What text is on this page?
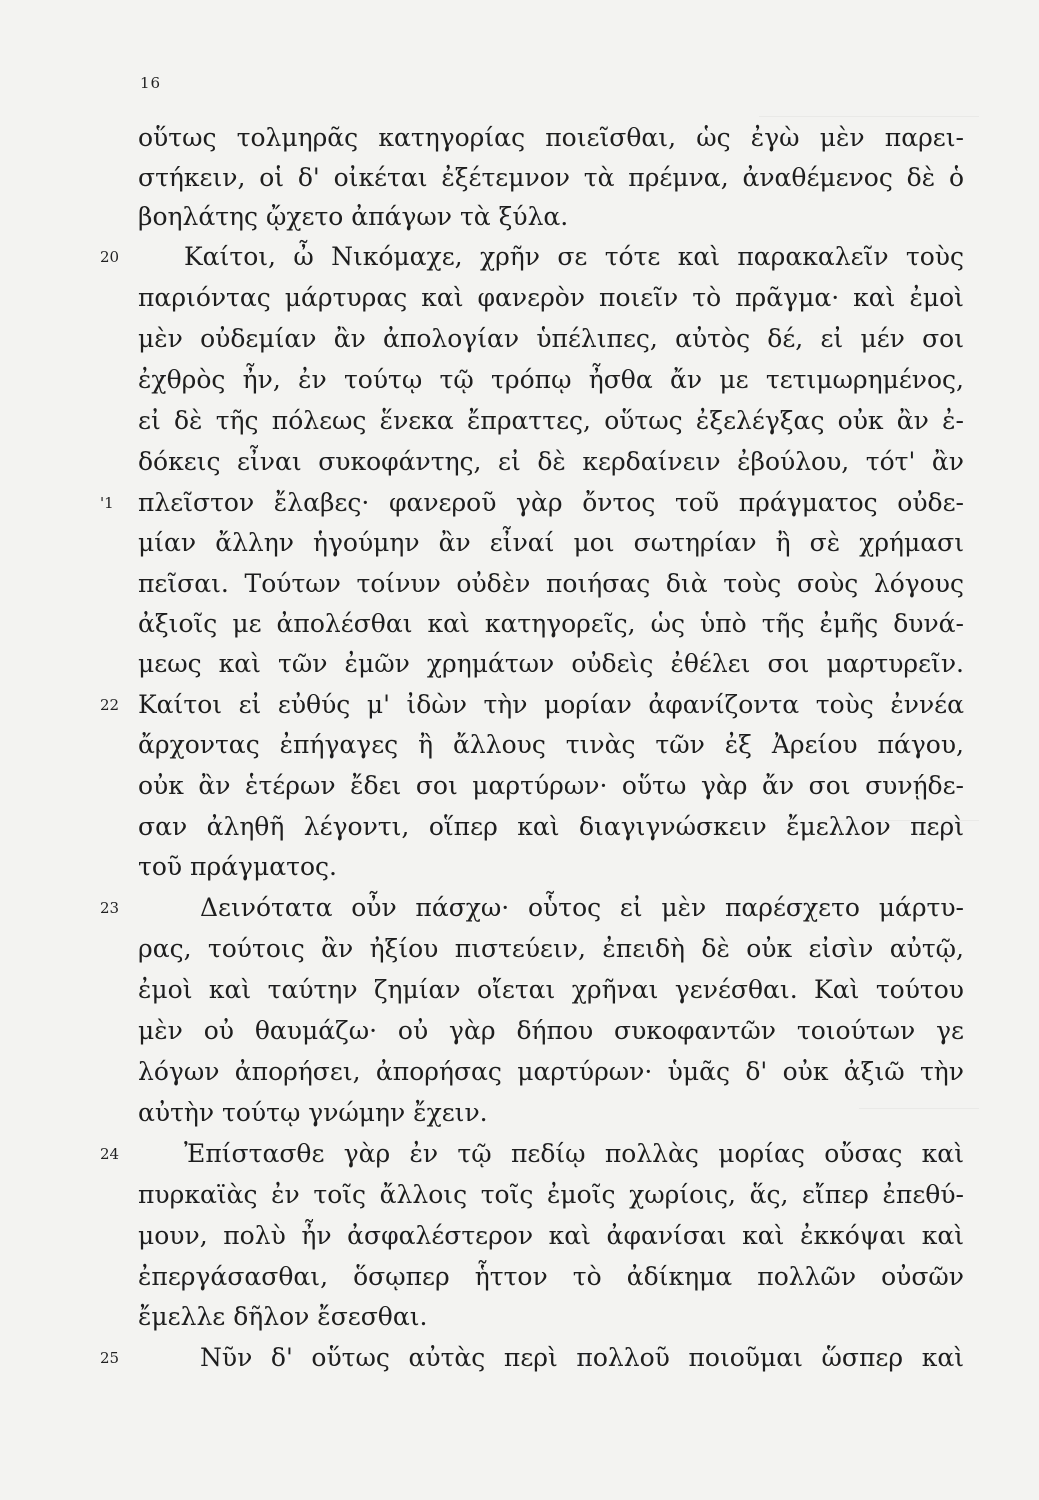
16
20
'1
22
23
24
25
οὕτως τολμηρᾶς κατηγορίας ποιεῖσθαι, ὡς ἐγὼ μὲν παρει-
στήκειν, οἱ δ' οἰκέται ἐξέτεμνον τὰ πρέμνα, ἀναθέμενος δὲ ὁ
βοηλάτης ᾤχετο ἀπάγων τὰ ξύλα.
Καίτοι, ὦ Νικόμαχε, χρῆν σε τότε καὶ παρακαλεῖν τοὺς
παριόντας μάρτυρας καὶ φανερὸν ποιεῖν τὸ πρᾶγμα· καὶ ἐμοὶ
μὲν οὐδεμίαν ἂν ἀπολογίαν ὑπέλιπες, αὐτὸς δέ, εἰ μέν σοι
ἐχθρὸς ἦν, ἐν τούτῳ τῷ τρόπῳ ἦσθα ἄν με τετιμωρημένος,
εἰ δὲ τῆς πόλεως ἕνεκα ἔπραττες, οὕτως ἐξελέγξας οὐκ ἂν ἐ-
δόκεις εἶναι συκοφάντης, εἰ δὲ κερδαίνειν ἐβούλου, τότ' ἂν
πλεῖστον ἔλαβες· φανεροῦ γὰρ ὄντος τοῦ πράγματος οὐδε-
μίαν ἄλλην ἡγούμην ἂν εἶναί μοι σωτηρίαν ἢ σὲ χρήμασι
πεῖσαι. Τούτων τοίνυν οὐδὲν ποιήσας διὰ τοὺς σοὺς λόγους
ἀξιοῖς με ἀπολέσθαι καὶ κατηγορεῖς, ὡς ὑπὸ τῆς ἐμῆς δυνά-
μεως καὶ τῶν ἐμῶν χρημάτων οὐδεὶς ἐθέλει σοι μαρτυρεῖν.
Καίτοι εἰ εὐθύς μ' ἰδὼν τὴν μορίαν ἀφανίζοντα τοὺς ἐννέα
ἄρχοντας ἐπήγαγες ἢ ἄλλους τινὰς τῶν ἐξ Ἀρείου πάγου,
οὐκ ἂν ἑτέρων ἔδει σοι μαρτύρων· οὕτω γὰρ ἄν σοι συνῄδε-
σαν ἀληθῆ λέγοντι, οἵπερ καὶ διαγιγνώσκειν ἔμελλον περὶ
τοῦ πράγματος.
Δεινότατα οὖν πάσχω· οὗτος εἰ μὲν παρέσχετο μάρτυ-
ρας, τούτοις ἂν ἠξίου πιστεύειν, ἐπειδὴ δὲ οὐκ εἰσὶν αὐτῷ,
ἐμοὶ καὶ ταύτην ζημίαν οἴεται χρῆναι γενέσθαι. Καὶ τούτου
μὲν οὐ θαυμάζω· οὐ γὰρ δήπου συκοφαντῶν τοιούτων γε
λόγων ἀπορήσει, ἀπορήσας μαρτύρων· ὑμᾶς δ' οὐκ ἀξιῶ τὴν
αὐτὴν τούτῳ γνώμην ἔχειν.
Ἐπίστασθε γὰρ ἐν τῷ πεδίῳ πολλὰς μορίας οὔσας καὶ
πυρκαϊὰς ἐν τοῖς ἄλλοις τοῖς ἐμοῖς χωρίοις, ἅς, εἴπερ ἐπεθύ-
μουν, πολὺ ἦν ἀσφαλέστερον καὶ ἀφανίσαι καὶ ἐκκόψαι καὶ
ἐπεργάσασθαι, ὅσῳπερ ἧττον τὸ ἀδίκημα πολλῶν οὐσῶν
ἔμελλε δῆλον ἔσεσθαι.
Νῦν δ' οὕτως αὐτὰς περὶ πολλοῦ ποιοῦμαι ὥσπερ καὶ
